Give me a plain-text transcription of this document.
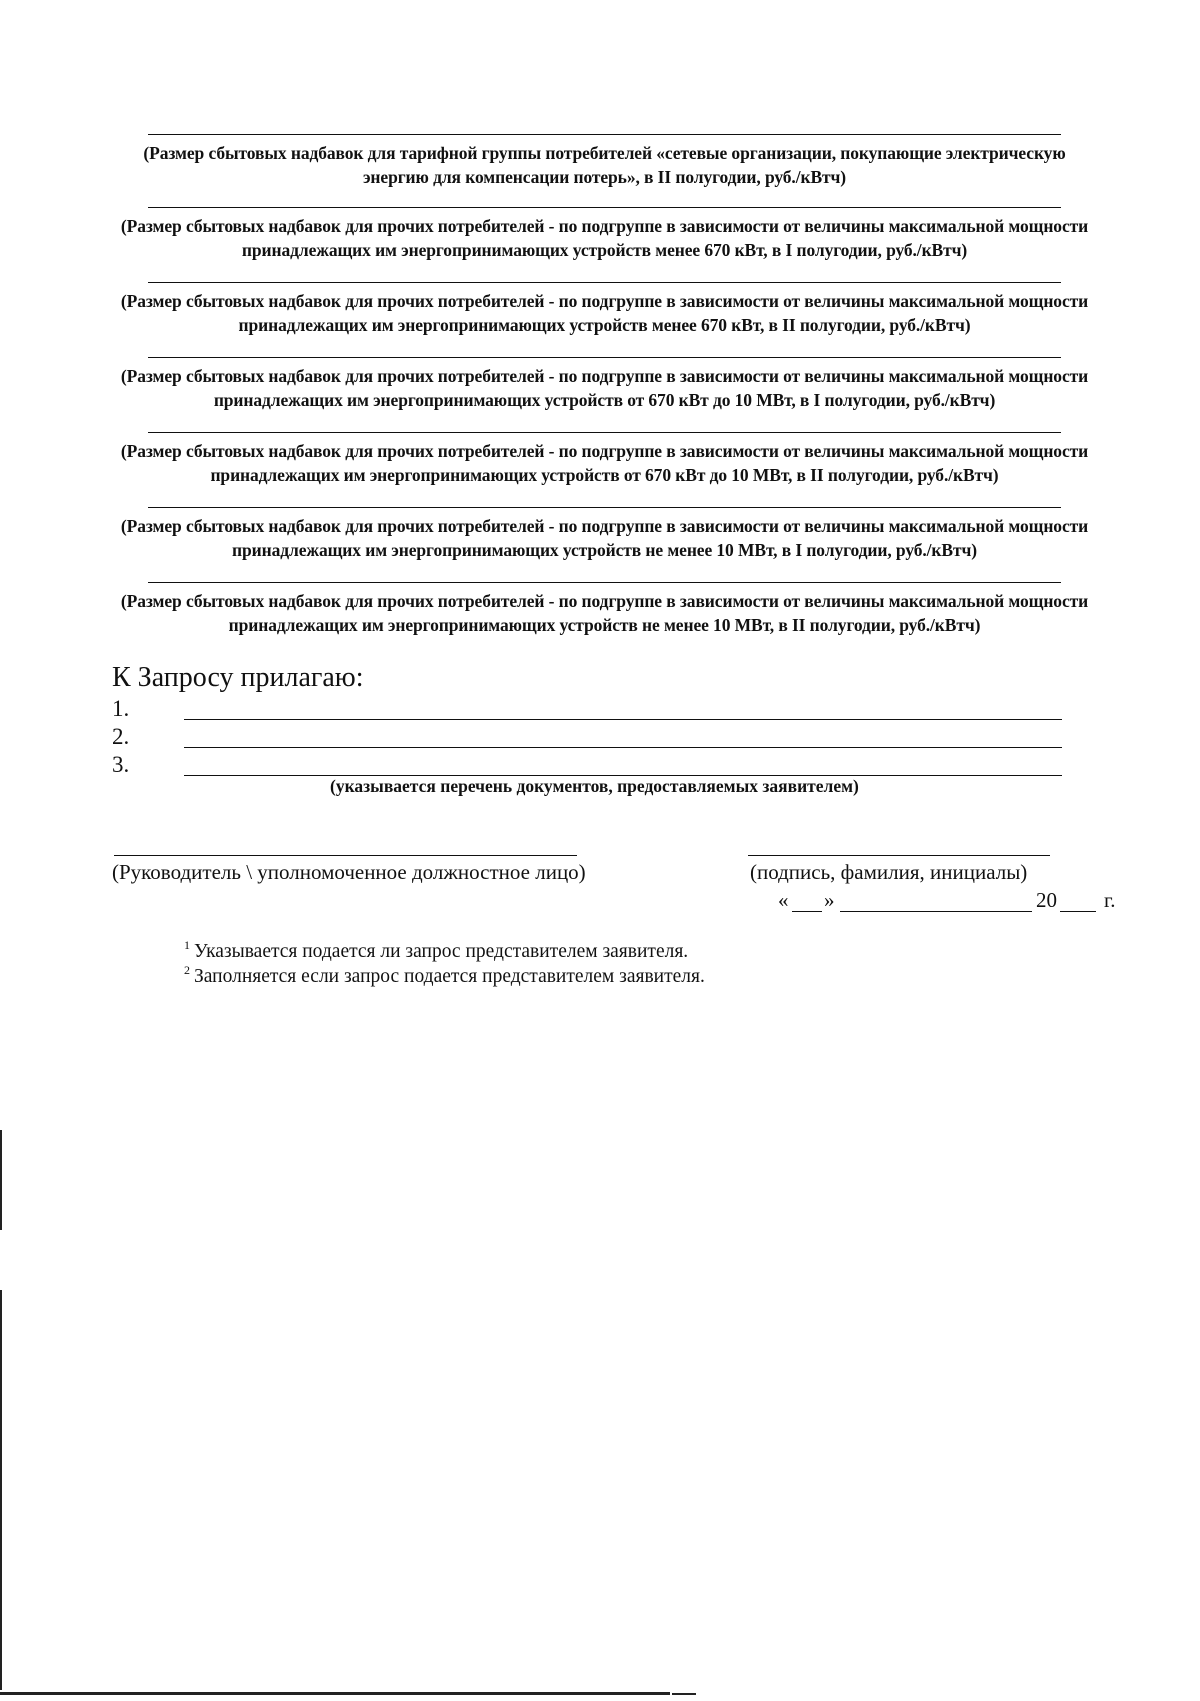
(Размер сбытовых надбавок для тарифной группы потребителей «сетевые организации, покупающие электрическую энергию для компенсации потерь», в II полугодии, руб./кВтч)
(Размер сбытовых надбавок для прочих потребителей - по подгруппе в зависимости от величины максимальной мощности принадлежащих им энергопринимающих устройств менее 670 кВт, в I полугодии, руб./кВтч)
(Размер сбытовых надбавок для прочих потребителей - по подгруппе в зависимости от величины максимальной мощности принадлежащих им энергопринимающих устройств менее 670 кВт, в II полугодии, руб./кВтч)
(Размер сбытовых надбавок для прочих потребителей - по подгруппе в зависимости от величины максимальной мощности принадлежащих им энергопринимающих устройств от 670 кВт до 10 МВт, в I полугодии, руб./кВтч)
(Размер сбытовых надбавок для прочих потребителей - по подгруппе в зависимости от величины максимальной мощности принадлежащих им энергопринимающих устройств от 670 кВт до 10 МВт, в II полугодии, руб./кВтч)
(Размер сбытовых надбавок для прочих потребителей - по подгруппе в зависимости от величины максимальной мощности принадлежащих им энергопринимающих устройств не менее 10 МВт, в I полугодии, руб./кВтч)
(Размер сбытовых надбавок для прочих потребителей - по подгруппе в зависимости от величины максимальной мощности принадлежащих им энергопринимающих устройств не менее 10 МВт, в II полугодии, руб./кВтч)
К Запросу прилагаю:
1.
2.
3.
(указывается перечень документов, предоставляемых заявителем)
(Руководитель \ уполномоченное должностное лицо)	(подпись, фамилия, инициалы)
« »	20 г.
$^1$ Указывается подается ли запрос представителем заявителя.
$^2$ Заполняется если запрос подается представителем заявителя.
